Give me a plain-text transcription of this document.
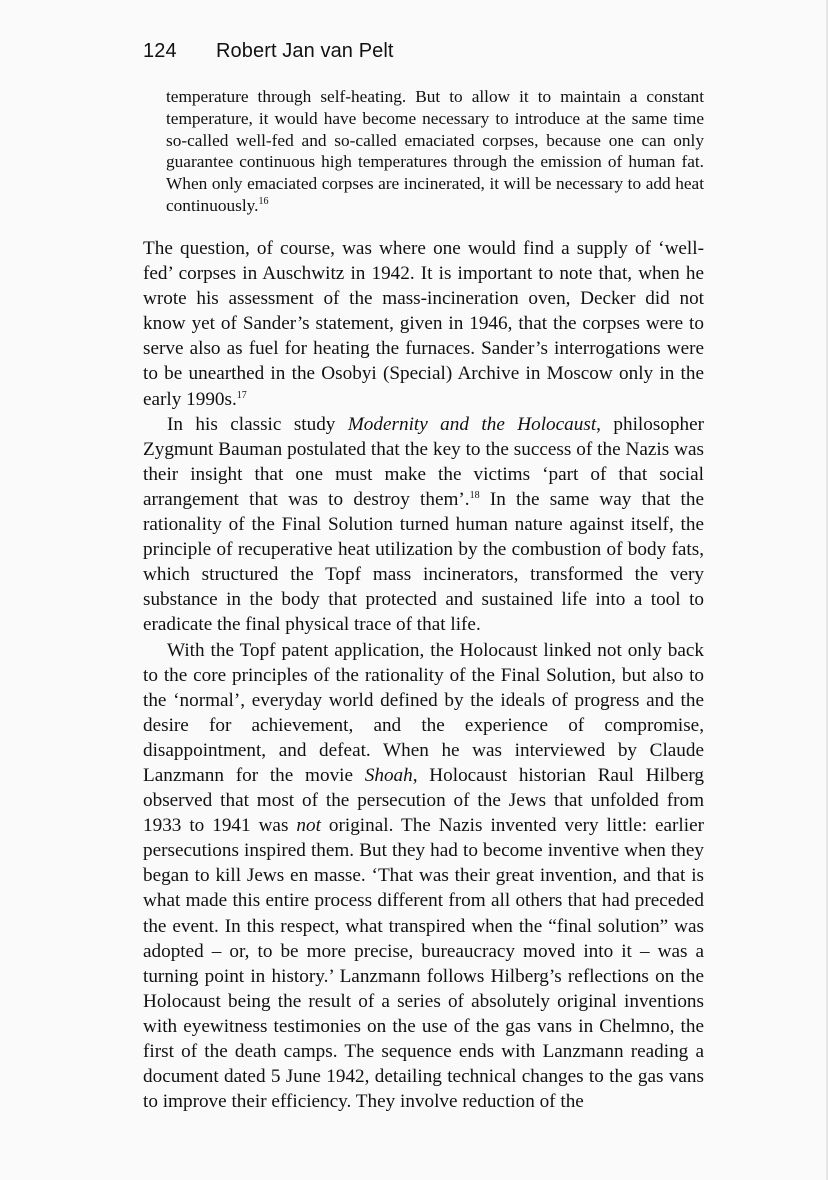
124 Robert Jan van Pelt
temperature through self-heating. But to allow it to maintain a constant temperature, it would have become necessary to introduce at the same time so-called well-fed and so-called emaciated corpses, because one can only guarantee continuous high temperatures through the emission of human fat. When only emaciated corpses are incinerated, it will be necessary to add heat continuously.$^{16}$

The question, of course, was where one would find a supply of ‘well-fed’ corpses in Auschwitz in 1942. It is important to note that, when he wrote his assessment of the mass-incineration oven, Decker did not know yet of Sander’s statement, given in 1946, that the corpses were to serve also as fuel for heating the furnaces. Sander’s interrogations were to be unearthed in the Osobyi (Special) Archive in Moscow only in the early 1990s.$^{17}$

In his classic study Modernity and the Holocaust, philosopher Zygmunt Bauman postulated that the key to the success of the Nazis was their insight that one must make the victims ‘part of that social arrangement that was to destroy them’.$^{18}$ In the same way that the rationality of the Final Solution turned human nature against itself, the principle of recuperative heat utilization by the combustion of body fats, which structured the Topf mass incinerators, transformed the very substance in the body that protected and sustained life into a tool to eradicate the final physical trace of that life.

With the Topf patent application, the Holocaust linked not only back to the core principles of the rationality of the Final Solution, but also to the ‘normal’, everyday world defined by the ideals of progress and the desire for achievement, and the experience of compromise, disappointment, and defeat. When he was interviewed by Claude Lanzmann for the movie Shoah, Holocaust historian Raul Hilberg observed that most of the persecution of the Jews that unfolded from 1933 to 1941 was not original. The Nazis invented very little: earlier persecutions inspired them. But they had to become inventive when they began to kill Jews en masse. ‘That was their great invention, and that is what made this entire process different from all others that had preceded the event. In this respect, what transpired when the “final solution” was adopted – or, to be more precise, bureaucracy moved into it – was a turning point in history.’ Lanzmann follows Hilberg’s reflections on the Holocaust being the result of a series of absolutely original inventions with eyewitness testimonies on the use of the gas vans in Chelmno, the first of the death camps. The sequence ends with Lanzmann reading a document dated 5 June 1942, detailing technical changes to the gas vans to improve their efficiency. They involve reduction of the
